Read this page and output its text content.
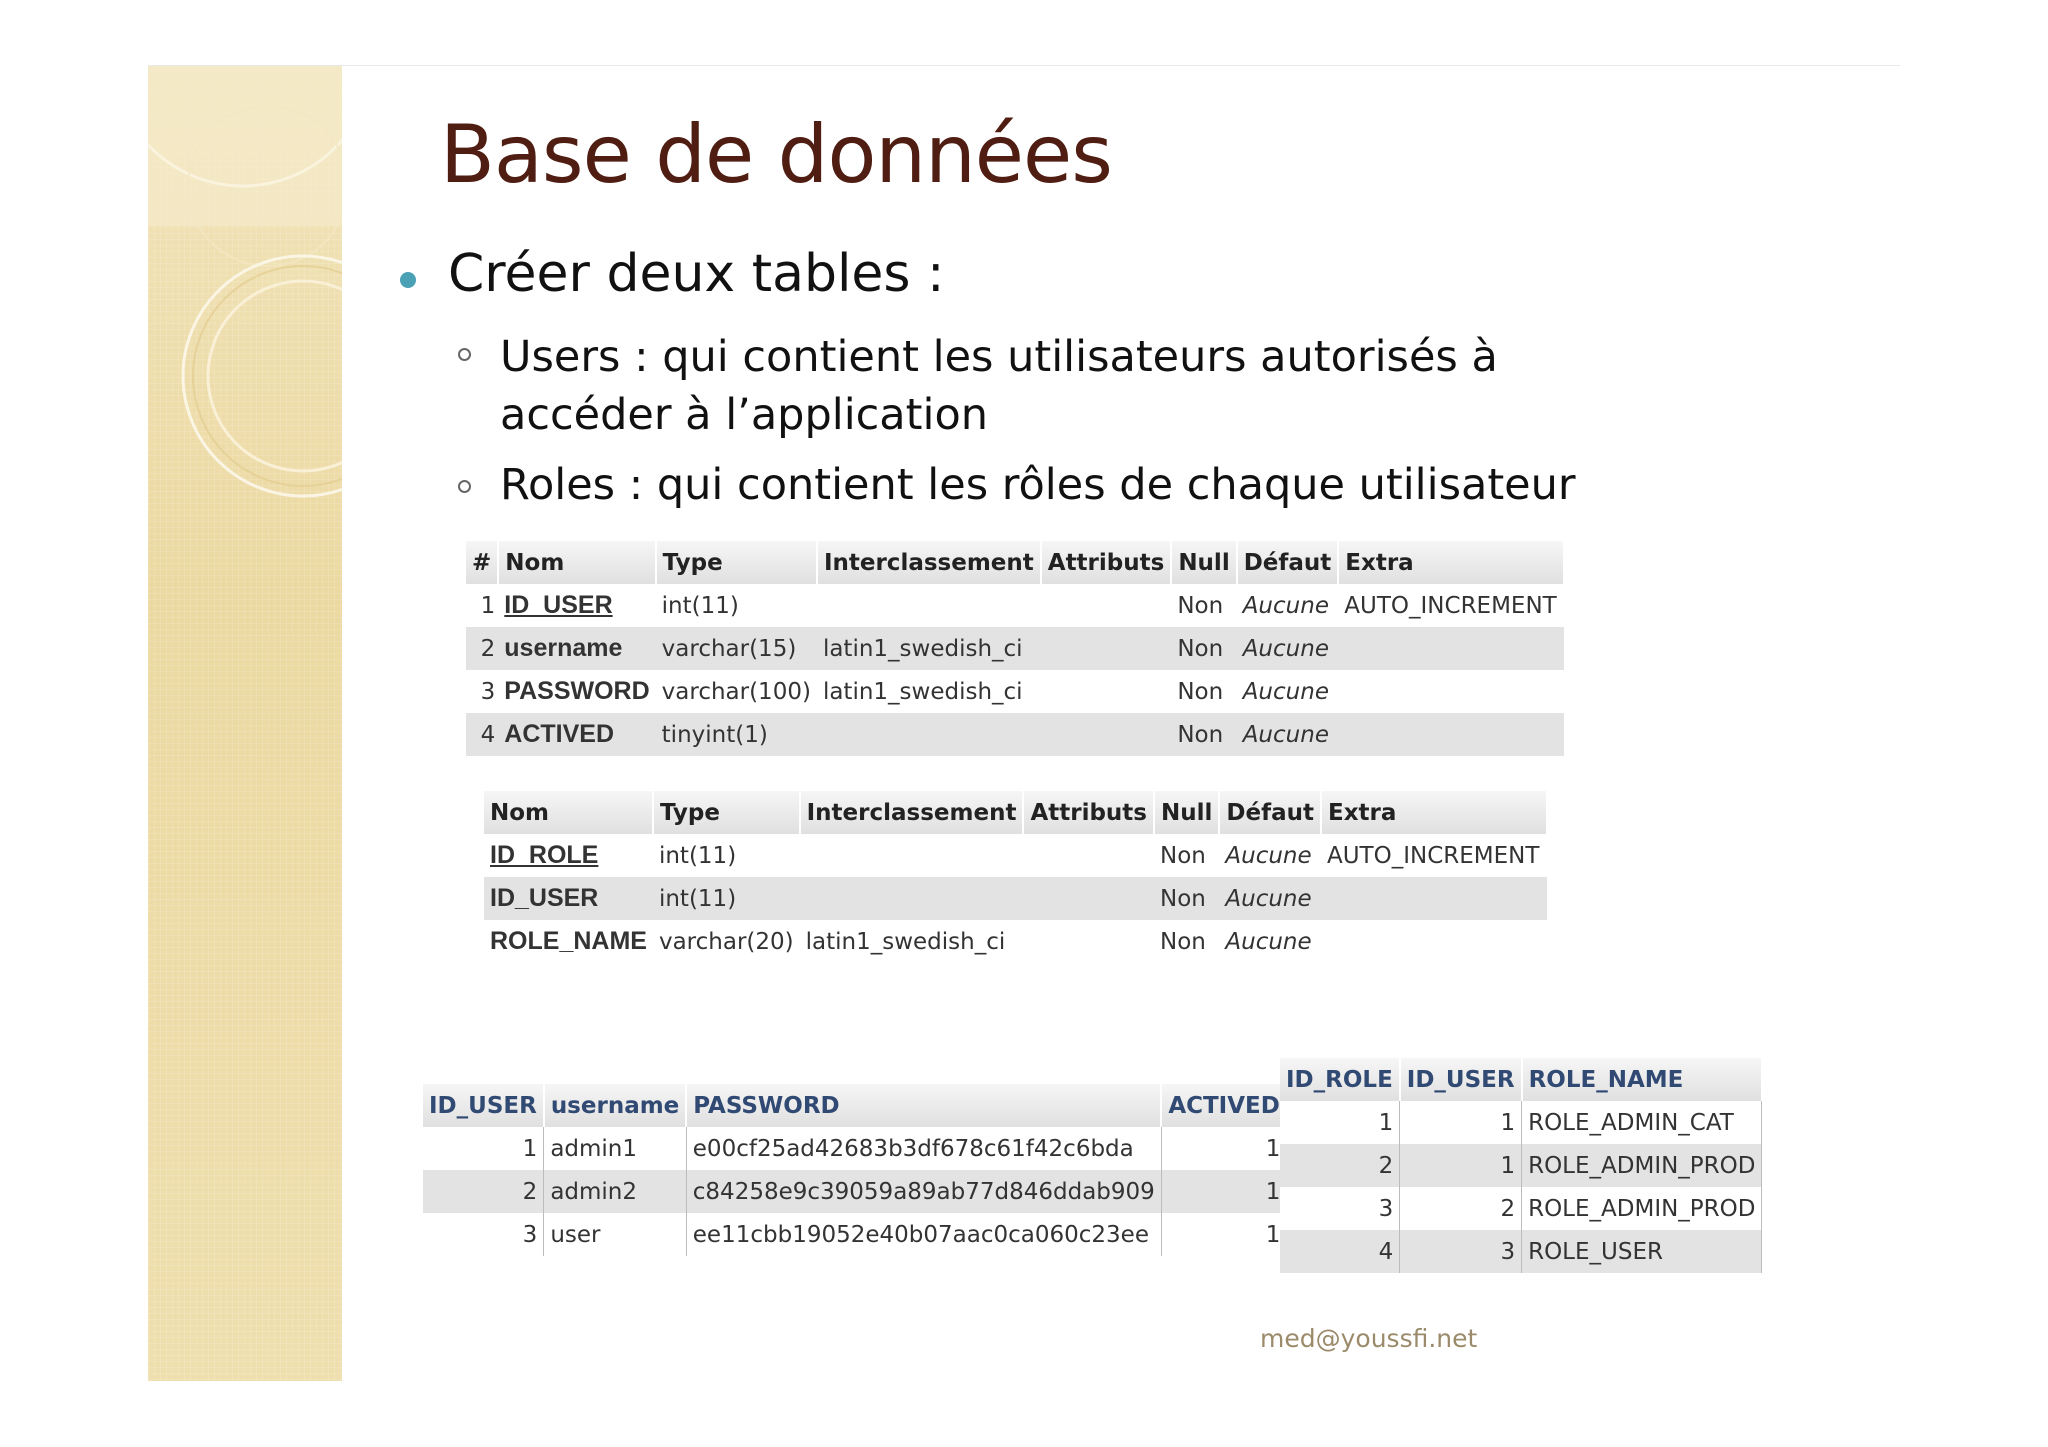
Base de données
Créer deux tables :
Users : qui contient les utilisateurs autorisés à accéder à l’application
Roles : qui contient les rôles de chaque utilisateur
#	Nom	Type	Interclassement	Attributs	Null	Défaut	Extra
1	ID_USER	int(11)			Non	Aucune	AUTO_INCREMENT
2	username	varchar(15)	latin1_swedish_ci		Non	Aucune	
3	PASSWORD	varchar(100)	latin1_swedish_ci		Non	Aucune	
4	ACTIVED	tinyint(1)			Non	Aucune	
Nom	Type	Interclassement	Attributs	Null	Défaut	Extra
ID_ROLE	int(11)			Non	Aucune	AUTO_INCREMENT
ID_USER	int(11)			Non	Aucune	
ROLE_NAME	varchar(20)	latin1_swedish_ci		Non	Aucune	
ID_USER	username	PASSWORD	ACTIVED
1	admin1	e00cf25ad42683b3df678c61f42c6bda	1
2	admin2	c84258e9c39059a89ab77d846ddab909	1
3	user	ee11cbb19052e40b07aac0ca060c23ee	1
ID_ROLE	ID_USER	ROLE_NAME
1	1	ROLE_ADMIN_CAT
2	1	ROLE_ADMIN_PROD
3	2	ROLE_ADMIN_PROD
4	3	ROLE_USER
med@youssfi.net
